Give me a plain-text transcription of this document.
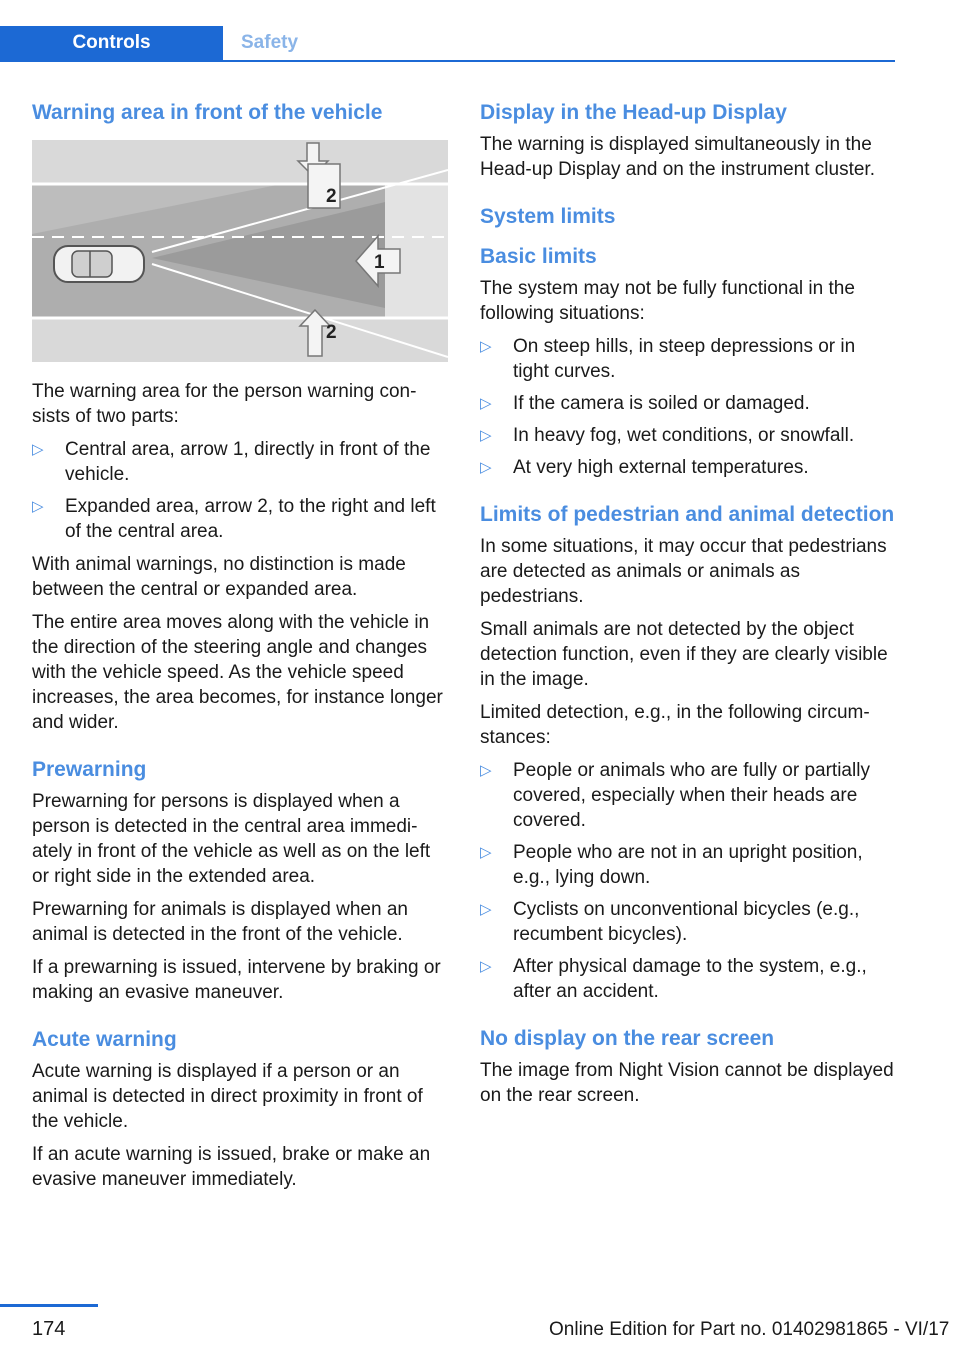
Controls	Safety
Warning area in front of the vehicle
1
2
2

The warning area for the person warning consists of two parts:

▷ Central area, arrow 1, directly in front of the vehicle.
▷ Expanded area, arrow 2, to the right and left of the central area.

With animal warnings, no distinction is made between the central or expanded area.

The entire area moves along with the vehicle in the direction of the steering angle and changes with the vehicle speed. As the vehicle speed increases, the area becomes, for instance longer and wider.

Prewarning

Prewarning for persons is displayed when a person is detected in the central area immediately in front of the vehicle as well as on the left or right side in the extended area.

Prewarning for animals is displayed when an animal is detected in the front of the vehicle.

If a prewarning is issued, intervene by braking or making an evasive maneuver.

Acute warning

Acute warning is displayed if a person or an animal is detected in direct proximity in front of the vehicle.

If an acute warning is issued, brake or make an evasive maneuver immediately.

Display in the Head-up Display

The warning is displayed simultaneously in the Head-up Display and on the instrument cluster.

System limits
Basic limits

The system may not be fully functional in the following situations:

▷ On steep hills, in steep depressions or in tight curves.
▷ If the camera is soiled or damaged.
▷ In heavy fog, wet conditions, or snowfall.
▷ At very high external temperatures.
Limits of pedestrian and animal detection

In some situations, it may occur that pedestrians are detected as animals or animals as pedestrians.

Small animals are not detected by the object detection function, even if they are clearly visible in the image.

Limited detection, e.g., in the following circumstances:

▷ People or animals who are fully or partially covered, especially when their heads are covered.
▷ People who are not in an upright position, e.g., lying down.
▷ Cyclists on unconventional bicycles (e.g., recumbent bicycles).
▷ After physical damage to the system, e.g., after an accident.
No display on the rear screen

The image from Night Vision cannot be displayed on the rear screen.

174	Online Edition for Part no. 01402981865 - VI/17
